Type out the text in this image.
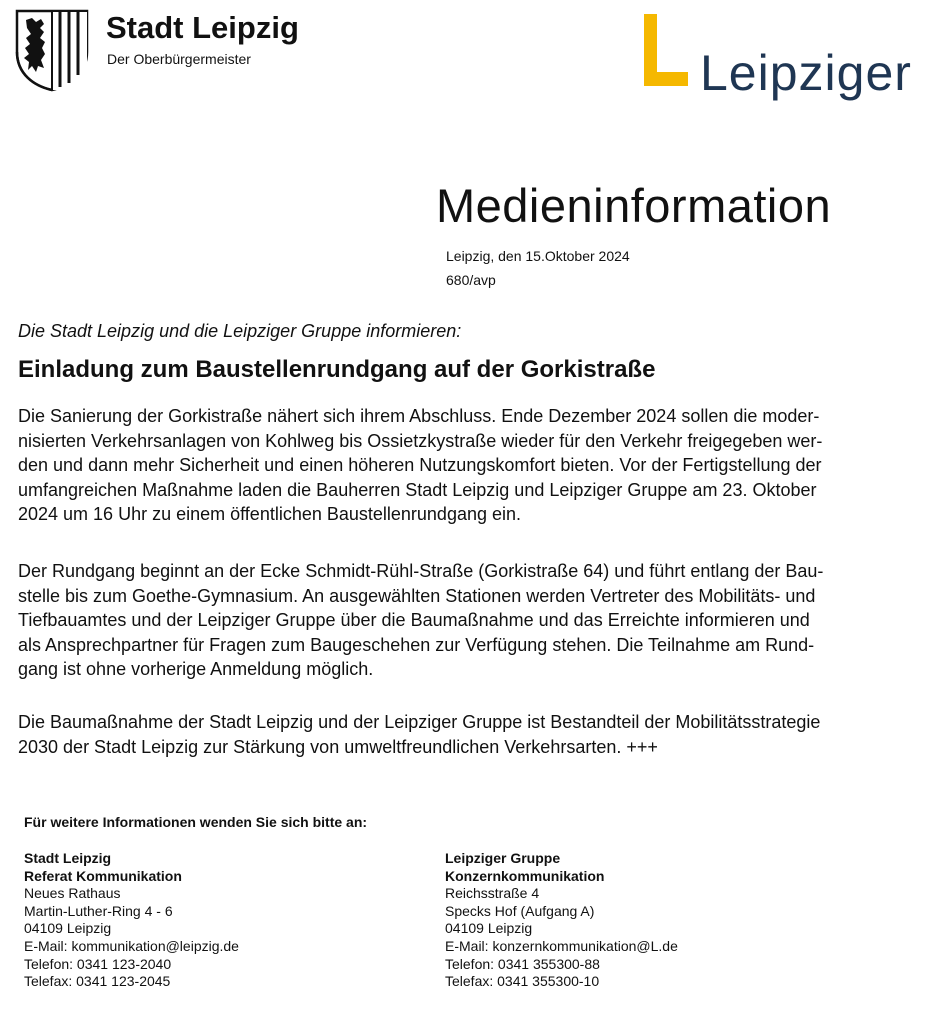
Stadt Leipzig
Der Oberbürgermeister	Leipziger
Medieninformation
Leipzig, den 15.Oktober 2024
680/avp
Die Stadt Leipzig und die Leipziger Gruppe informieren:
Einladung zum Baustellenrundgang auf der Gorkistraße
Die Sanierung der Gorkistraße nähert sich ihrem Abschluss. Ende Dezember 2024 sollen die moder-
nisierten Verkehrsanlagen von Kohlweg bis Ossietzkystraße wieder für den Verkehr freigegeben wer-
den und dann mehr Sicherheit und einen höheren Nutzungskomfort bieten. Vor der Fertigstellung der
umfangreichen Maßnahme laden die Bauherren Stadt Leipzig und Leipziger Gruppe am 23. Oktober
2024 um 16 Uhr zu einem öffentlichen Baustellenrundgang ein.
Der Rundgang beginnt an der Ecke Schmidt-Rühl-Straße (Gorkistraße 64) und führt entlang der Bau-
stelle bis zum Goethe-Gymnasium. An ausgewählten Stationen werden Vertreter des Mobilitäts- und
Tiefbauamtes und der Leipziger Gruppe über die Baumaßnahme und das Erreichte informieren und
als Ansprechpartner für Fragen zum Baugeschehen zur Verfügung stehen. Die Teilnahme am Rund-
gang ist ohne vorherige Anmeldung möglich.
Die Baumaßnahme der Stadt Leipzig und der Leipziger Gruppe ist Bestandteil der Mobilitätsstrategie
2030 der Stadt Leipzig zur Stärkung von umweltfreundlichen Verkehrsarten. +++
Für weitere Informationen wenden Sie sich bitte an:
Stadt Leipzig
Referat Kommunikation
Neues Rathaus
Martin-Luther-Ring 4 - 6
04109 Leipzig
E-Mail: kommunikation@leipzig.de
Telefon: 0341 123-2040
Telefax: 0341 123-2045
Leipziger Gruppe
Konzernkommunikation
Reichsstraße 4
Specks Hof (Aufgang A)
04109 Leipzig
E-Mail: konzernkommunikation@L.de
Telefon: 0341 355300-88
Telefax: 0341 355300-10
